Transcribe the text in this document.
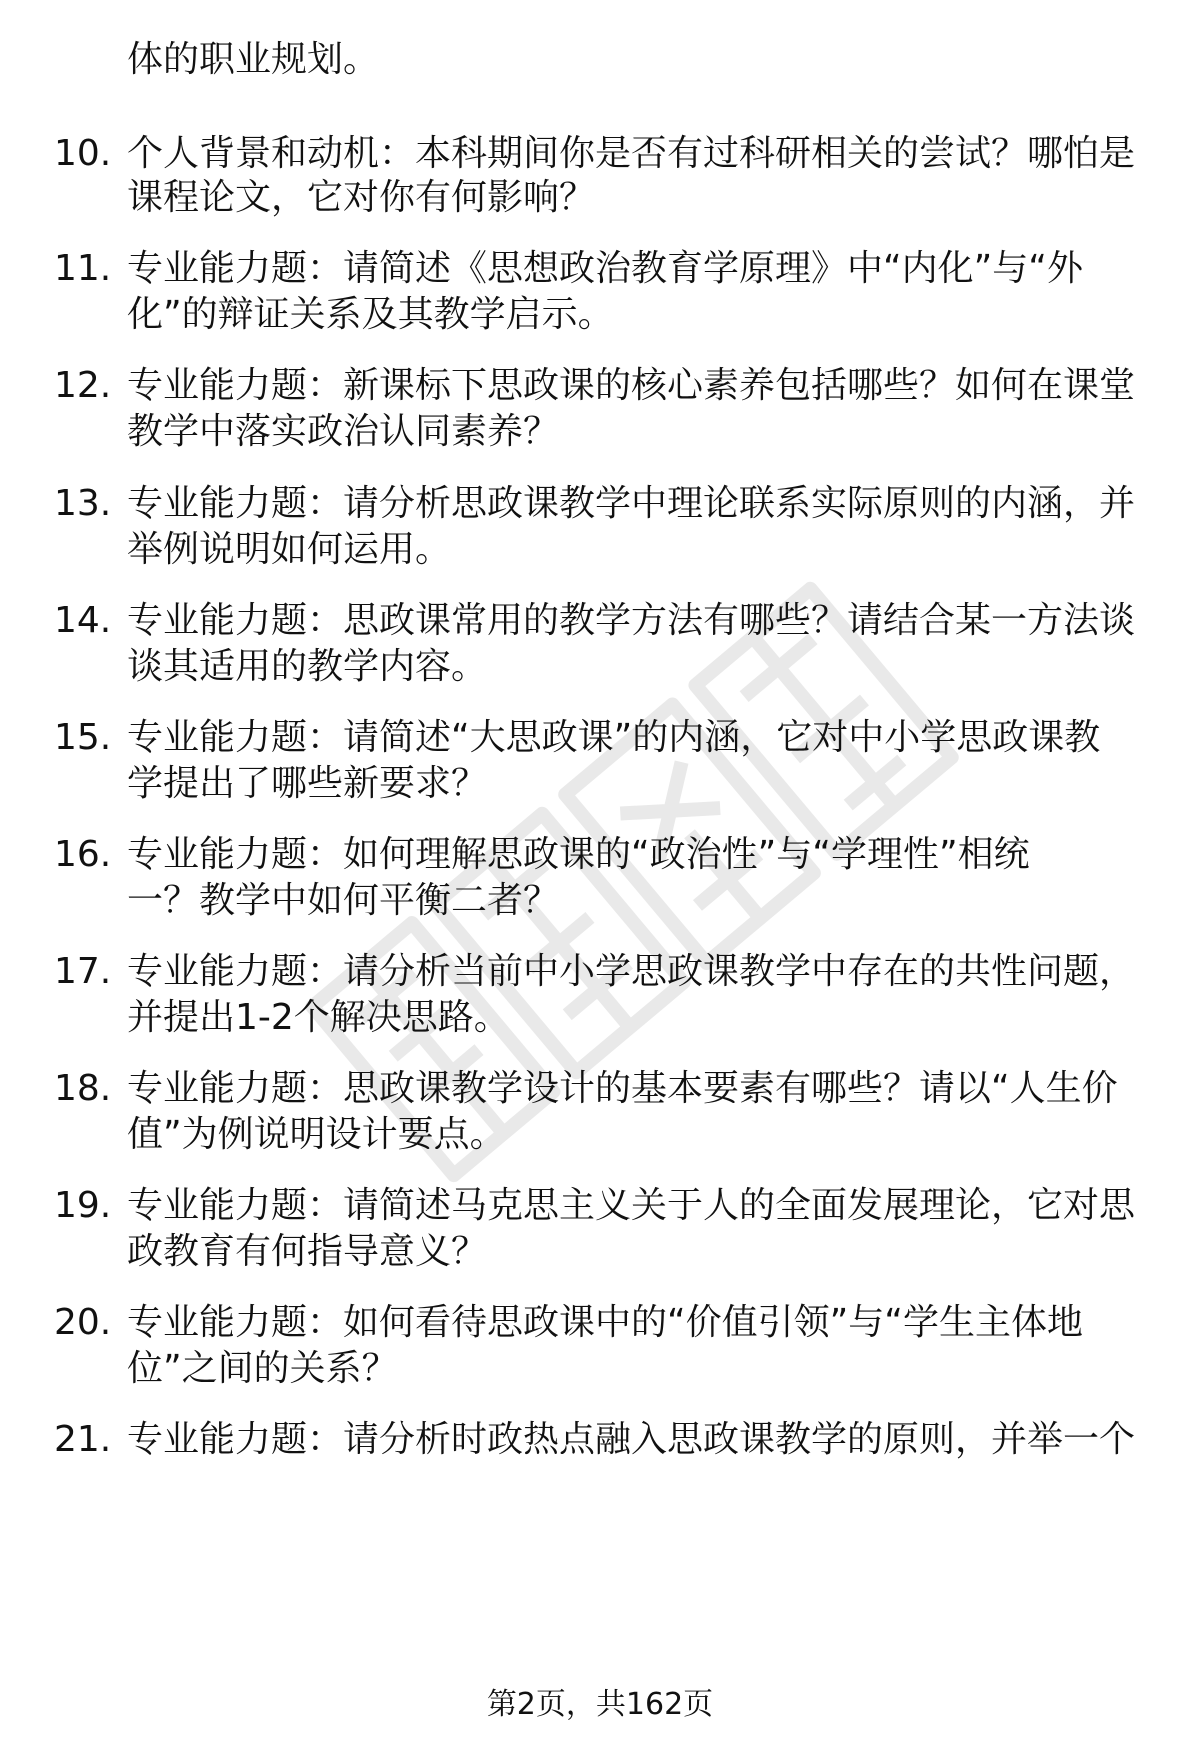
体的职业规划。
10. 个人背景和动机：本科期间你是否有过科研相关的尝试？哪怕是
课程论文，它对你有何影响？
11. 专业能力题：请简述《思想政治教育学原理》中“内化”与“外
化”的辩证关系及其教学启示。
12. 专业能力题：新课标下思政课的核心素养包括哪些？如何在课堂
教学中落实政治认同素养？
13. 专业能力题：请分析思政课教学中理论联系实际原则的内涵，并
举例说明如何运用。
14. 专业能力题：思政课常用的教学方法有哪些？请结合某一方法谈
谈其适用的教学内容。
15. 专业能力题：请简述“大思政课”的内涵，它对中小学思政课教
学提出了哪些新要求？
16. 专业能力题：如何理解思政课的“政治性”与“学理性”相统
一？教学中如何平衡二者？
17. 专业能力题：请分析当前中小学思政课教学中存在的共性问题，
并提出1-2个解决思路。
18. 专业能力题：思政课教学设计的基本要素有哪些？请以“人生价
值”为例说明设计要点。
19. 专业能力题：请简述马克思主义关于人的全面发展理论，它对思
政教育有何指导意义？
20. 专业能力题：如何看待思政课中的“价值引领”与“学生主体地
位”之间的关系？
21. 专业能力题：请分析时政热点融入思政课教学的原则，并举一个
第2页，共162页
